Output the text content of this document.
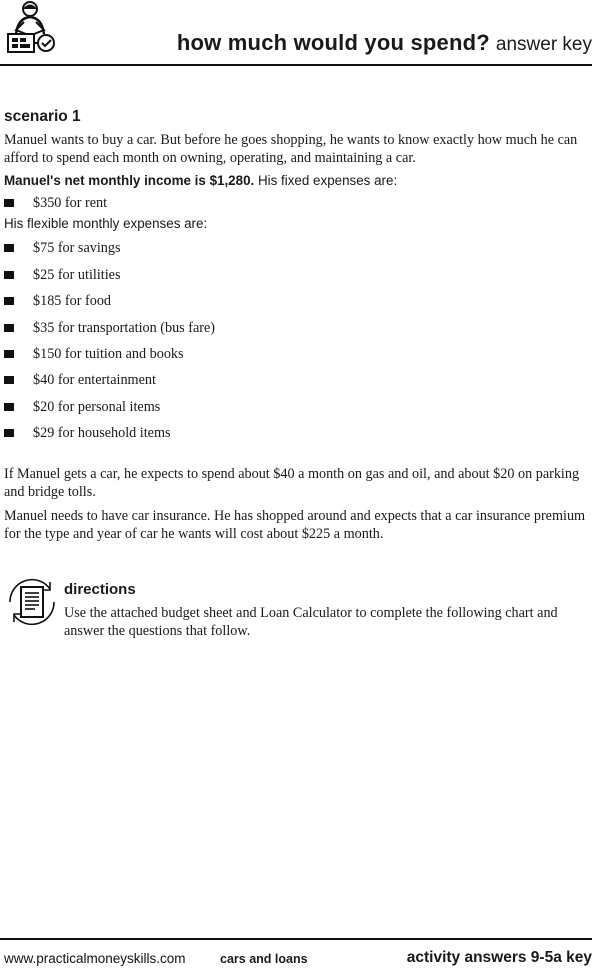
how much would you spend? answer key
scenario 1

Manuel wants to buy a car. But before he goes shopping, he wants to know exactly how much he can afford to spend each month on owning, operating, and maintaining a car.

Manuel's net monthly income is $1,280. His fixed expenses are:

$350 for rent

His flexible monthly expenses are:

$75 for savings
$25 for utilities
$185 for food
$35 for transportation (bus fare)
$150 for tuition and books
$40 for entertainment
$20 for personal items
$29 for household items

If Manuel gets a car, he expects to spend about $40 a month on gas and oil, and about $20 on parking and bridge tolls.

Manuel needs to have car insurance. He has shopped around and expects that a car insurance premium for the type and year of car he wants will cost about $225 a month.

directions
Use the attached budget sheet and Loan Calculator to complete the following chart and answer the questions that follow.
www.practicalmoneyskills.com	cars and loans	activity answers 9-5a key
